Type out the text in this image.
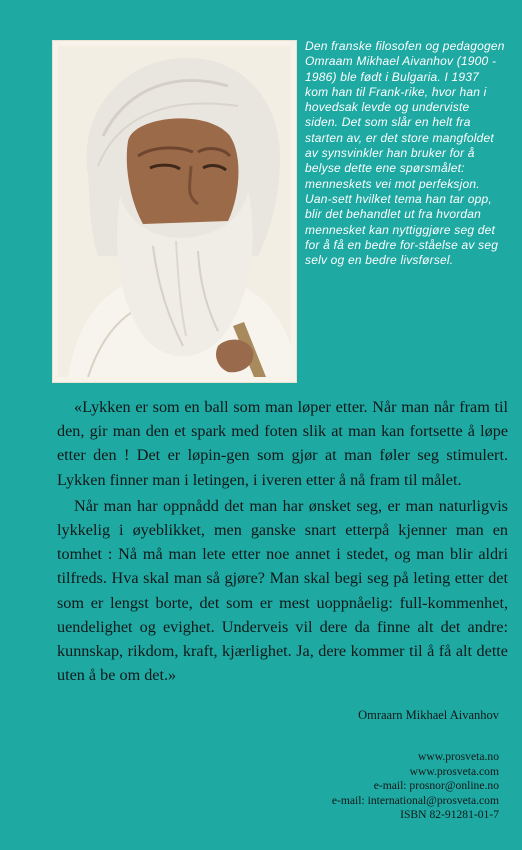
Den franske filosofen og pedagogen Omraam Mikhael Aivanhov (1900 - 1986) ble født i Bulgaria. I 1937 kom han til Frank-rike, hvor han i hovedsak levde og underviste siden. Det som slår en helt fra starten av, er det store mangfoldet av synsvinkler han bruker for å belyse dette ene spørsmålet: menneskets vei mot perfeksjon. Uan-sett hvilket tema han tar opp, blir det behandlet ut fra hvordan mennesket kan nyttiggjøre seg det for å få en bedre for-ståelse av seg selv og en bedre livsførsel.

«Lykken er som en ball som man løper etter. Når man når fram til den, gir man den et spark med foten slik at man kan fortsette å løpe etter den ! Det er løpin-gen som gjør at man føler seg stimulert. Lykken finner man i letingen, i iveren etter å nå fram til målet.

Når man har oppnådd det man har ønsket seg, er man naturligvis lykkelig i øyeblikket, men ganske snart etterpå kjenner man en tomhet : Nå må man lete etter noe annet i stedet, og man blir aldri tilfreds. Hva skal man så gjøre? Man skal begi seg på leting etter det som er lengst borte, det som er mest uoppnåelig: full-kommenhet, uendelighet og evighet. Underveis vil dere da finne alt det andre: kunnskap, rikdom, kraft, kjærlighet. Ja, dere kommer til å få alt dette uten å be om det.»

Omraarn Mikhael Aivanhov

www.prosveta.no
www.prosveta.com
e-mail: prosnor@online.no
e-mail: international@prosveta.com
ISBN 82-91281-01-7
